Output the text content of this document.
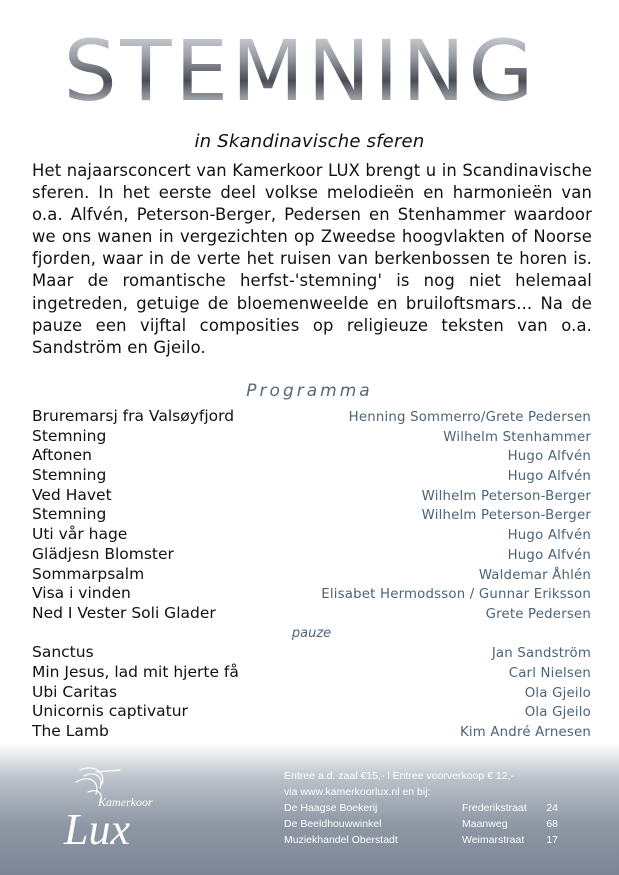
STEMNING
in Skandinavische sferen
Het najaarsconcert van Kamerkoor LUX brengt u in Scandinavische sferen. In het eerste deel volkse melodieën en harmonieën van o.a. Alfvén, Peterson-Berger, Pedersen en Stenhammer waardoor we ons wanen in vergezichten op Zweedse hoogvlakten of Noorse fjorden, waar in de verte het ruisen van berkenbossen te horen is. Maar de romantische herfst-'stemning' is nog niet helemaal ingetreden, getuige de bloemenweelde en bruiloftsmars... Na de pauze een vijftal composities op religieuze teksten van o.a. Sandström en Gjeilo.
Programma
Bruremarsj fra Valsøyfjord	Henning Sommerro/Grete Pedersen
Stemning	Wilhelm Stenhammer
Aftonen	Hugo Alfvén
Stemning	Hugo Alfvén
Ved Havet	Wilhelm Peterson-Berger
Stemning	Wilhelm Peterson-Berger
Uti vår hage	Hugo Alfvén
Glädjesn Blomster	Hugo Alfvén
Sommarpsalm	Waldemar Åhlén
Visa i vinden	Elisabet Hermodsson / Gunnar Eriksson
Ned I Vester Soli Glader	Grete Pedersen
pauze
Sanctus	Jan Sandström
Min Jesus, lad mit hjerte få	Carl Nielsen
Ubi Caritas	Ola Gjeilo
Unicornis captivatur	Ola Gjeilo
The Lamb	Kim André Arnesen
Kamerkoor
Lux
Entree a.d. zaal €15,- l Entree voorverkoop € 12,-
via www.kamerkoorlux.nl en bij:
De Haagse Boekerij	Frederikstraat 24
De Beeldhouwwinkel	Maanweg	68
Muziekhandel Oberstadt	Weimarstraat 17
